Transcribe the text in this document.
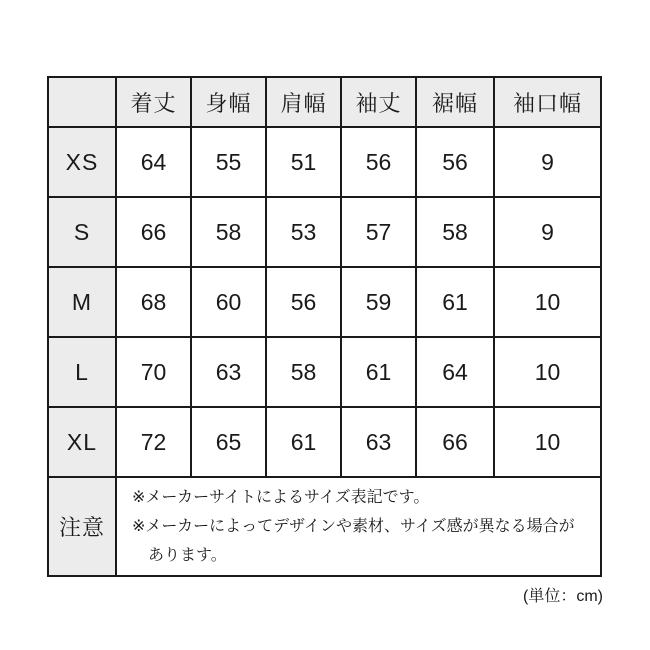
	着丈	身幅	肩幅	袖丈	裾幅	袖口幅
XS	64	55	51	56	56	9
S	66	58	53	57	58	9
M	68	60	56	59	61	10
L	70	63	58	61	64	10
XL	72	65	61	63	66	10
注意	※メーカーサイトによるサイズ表記です。
※メーカーによってデザインや素材、サイズ感が異なる場合が
あります。					
(単位：cm)
